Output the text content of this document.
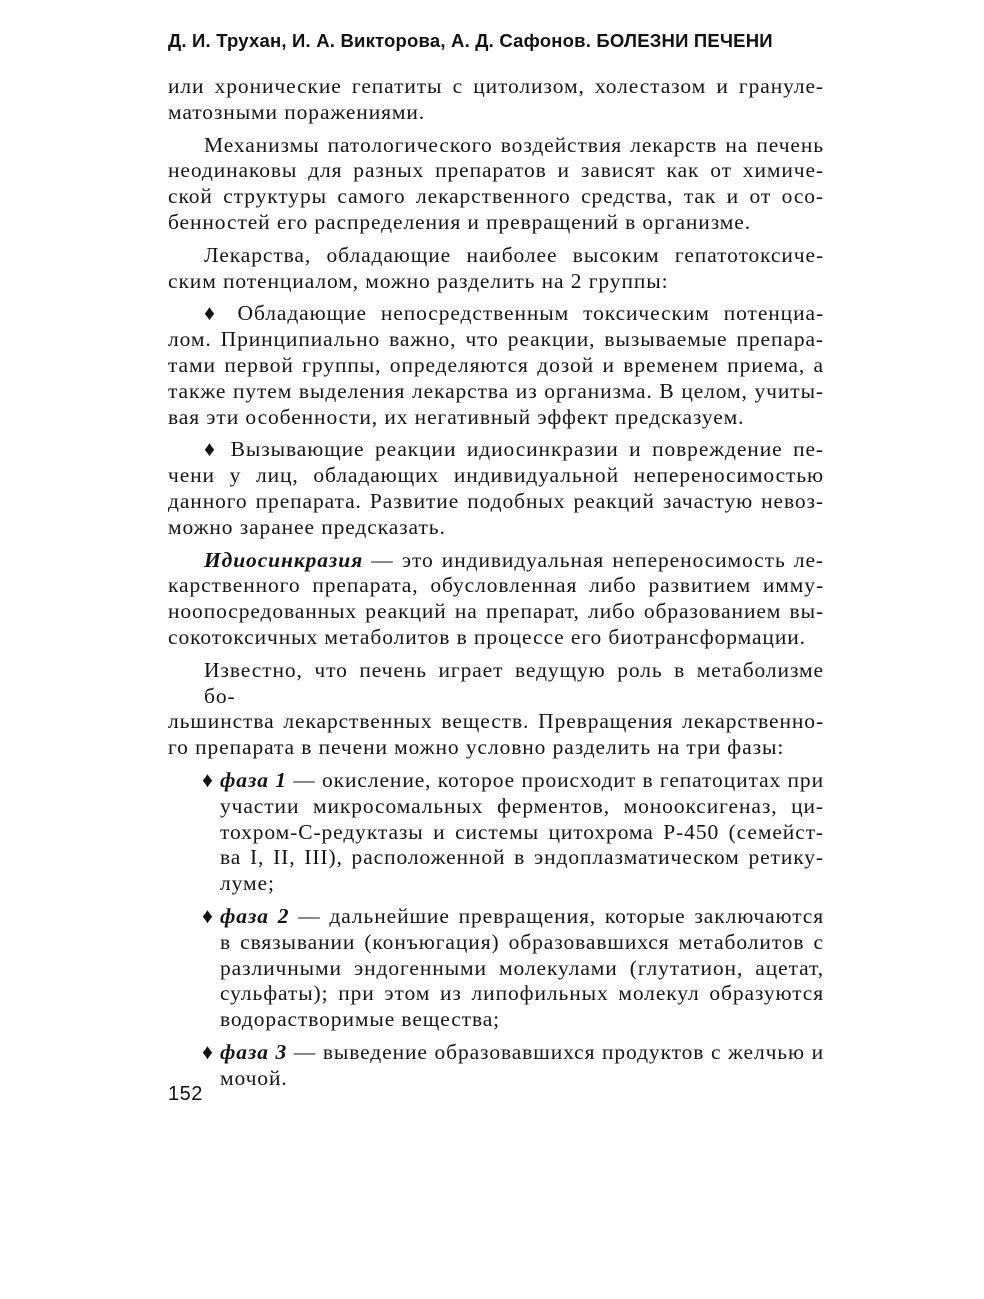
Д. И. Трухан, И. А. Викторова, А. Д. Сафонов. БОЛЕЗНИ ПЕЧЕНИ
или хронические гепатиты с цитолизом, холестазом и грануле-
матозными поражениями.
Механизмы патологического воздействия лекарств на печень
неодинаковы для разных препаратов и зависят как от химиче-
ской структуры самого лекарственного средства, так и от осо-
бенностей его распределения и превращений в организме.
Лекарства, обладающие наиболее высоким гепатотоксиче-
ским потенциалом, можно разделить на 2 группы:
♦ Обладающие непосредственным токсическим потенциа-
лом. Принципиально важно, что реакции, вызываемые препара-
тами первой группы, определяются дозой и временем приема, а
также путем выделения лекарства из организма. В целом, учиты-
вая эти особенности, их негативный эффект предсказуем.
♦ Вызывающие реакции идиосинкразии и повреждение пе-
чени у лиц, обладающих индивидуальной непереносимостью
данного препарата. Развитие подобных реакций зачастую невоз-
можно заранее предсказать.
Идиосинкразия — это индивидуальная непереносимость ле-
карственного препарата, обусловленная либо развитием имму-
ноопосредованных реакций на препарат, либо образованием вы-
сокотоксичных метаболитов в процессе его биотрансформации.
Известно, что печень играет ведущую роль в метаболизме бо-
льшинства лекарственных веществ. Превращения лекарственно-
го препарата в печени можно условно разделить на три фазы:
♦ фаза 1 — окисление, которое происходит в гепатоцитах при
участии микросомальных ферментов, монооксигеназ, ци-
тохром-С-редуктазы и системы цитохрома Р-450 (семейст-
ва I, II, III), расположенной в эндоплазматическом ретику-
луме;
♦ фаза 2 — дальнейшие превращения, которые заключаются
в связывании (конъюгация) образовавшихся метаболитов с
различными эндогенными молекулами (глутатион, ацетат,
сульфаты); при этом из липофильных молекул образуются
водорастворимые вещества;
♦ фаза 3 — выведение образовавшихся продуктов с желчью и
мочой.
152
